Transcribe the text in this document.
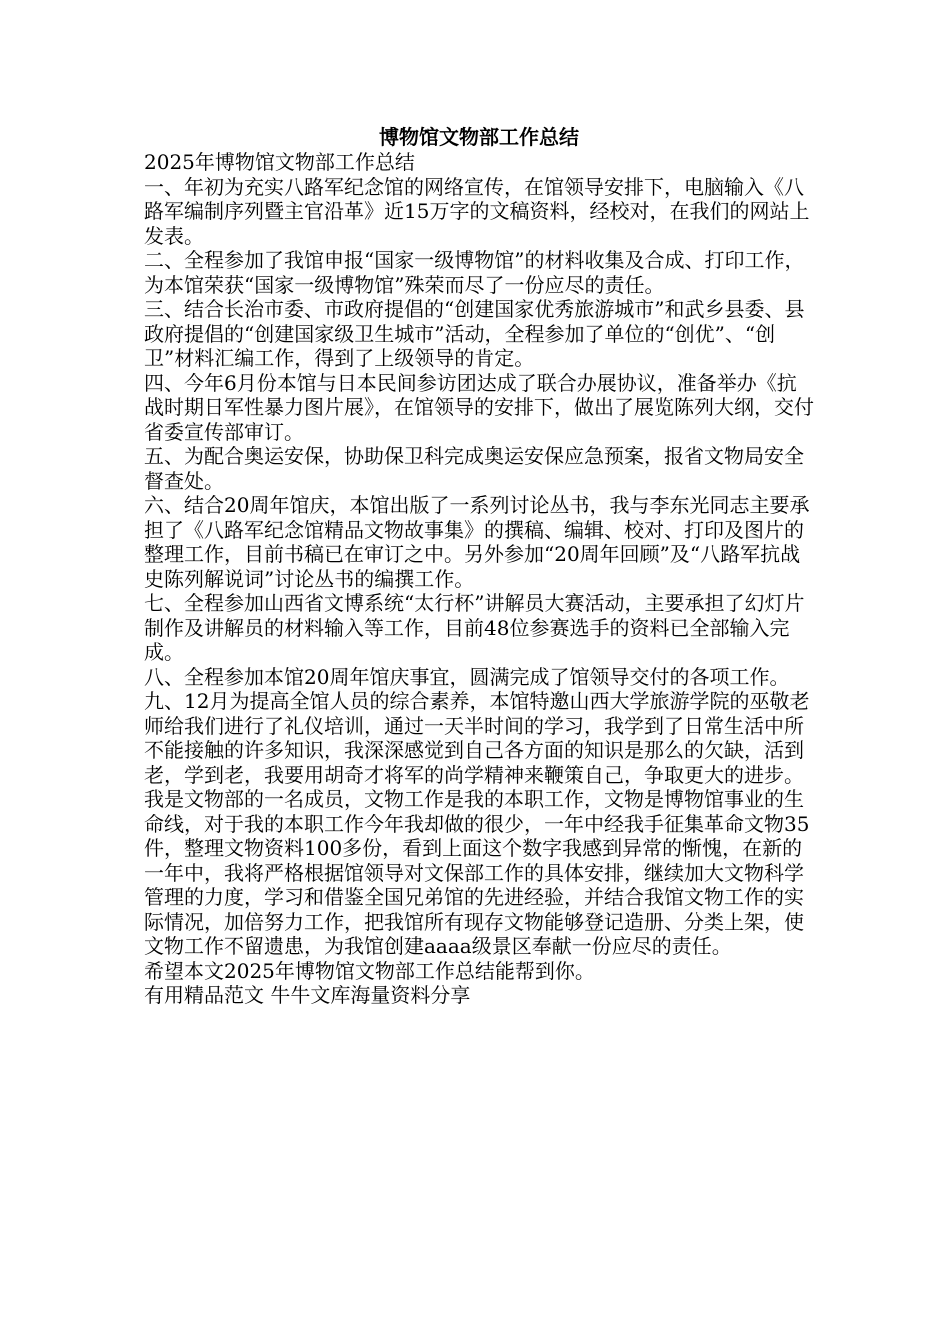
博物馆文物部工作总结

2025年博物馆文物部工作总结

一、年初为充实八路军纪念馆的网络宣传，在馆领导安排下，电脑输入《八路军编制序列暨主官沿革》近15万字的文稿资料，经校对，在我们的网站上发表。

二、全程参加了我馆申报“国家一级博物馆”的材料收集及合成、打印工作，为本馆荣获“国家一级博物馆”殊荣而尽了一份应尽的责任。

三、结合长治市委、市政府提倡的“创建国家优秀旅游城市”和武乡县委、县政府提倡的“创建国家级卫生城市”活动，全程参加了单位的“创优”、“创卫”材料汇编工作，得到了上级领导的肯定。

四、今年6月份本馆与日本民间参访团达成了联合办展协议，准备举办《抗战时期日军性暴力图片展》，在馆领导的安排下，做出了展览陈列大纲，交付省委宣传部审订。

五、为配合奥运安保，协助保卫科完成奥运安保应急预案，报省文物局安全督查处。

六、结合20周年馆庆，本馆出版了一系列讨论丛书，我与李东光同志主要承担了《八路军纪念馆精品文物故事集》的撰稿、编辑、校对、打印及图片的整理工作，目前书稿已在审订之中。另外参加“20周年回顾”及“八路军抗战史陈列解说词”讨论丛书的编撰工作。

七、全程参加山西省文博系统“太行杯”讲解员大赛活动，主要承担了幻灯片制作及讲解员的材料输入等工作，目前48位参赛选手的资料已全部输入完成。

八、全程参加本馆20周年馆庆事宜，圆满完成了馆领导交付的各项工作。

九、12月为提高全馆人员的综合素养，本馆特邀山西大学旅游学院的巫敬老师给我们进行了礼仪培训，通过一天半时间的学习，我学到了日常生活中所不能接触的许多知识，我深深感觉到自己各方面的知识是那么的欠缺，活到老，学到老，我要用胡奇才将军的尚学精神来鞭策自己，争取更大的进步。

我是文物部的一名成员，文物工作是我的本职工作，文物是博物馆事业的生命线，对于我的本职工作今年我却做的很少，一年中经我手征集革命文物35件，整理文物资料100多份，看到上面这个数字我感到异常的惭愧，在新的一年中，我将严格根据馆领导对文保部工作的具体安排，继续加大文物科学管理的力度，学习和借鉴全国兄弟馆的先进经验，并结合我馆文物工作的实际情况，加倍努力工作，把我馆所有现存文物能够登记造册、分类上架，使文物工作不留遗患，为我馆创建aaaa级景区奉献一份应尽的责任。

希望本文2025年博物馆文物部工作总结能帮到你。

有用精品范文 牛牛文库海量资料分享
